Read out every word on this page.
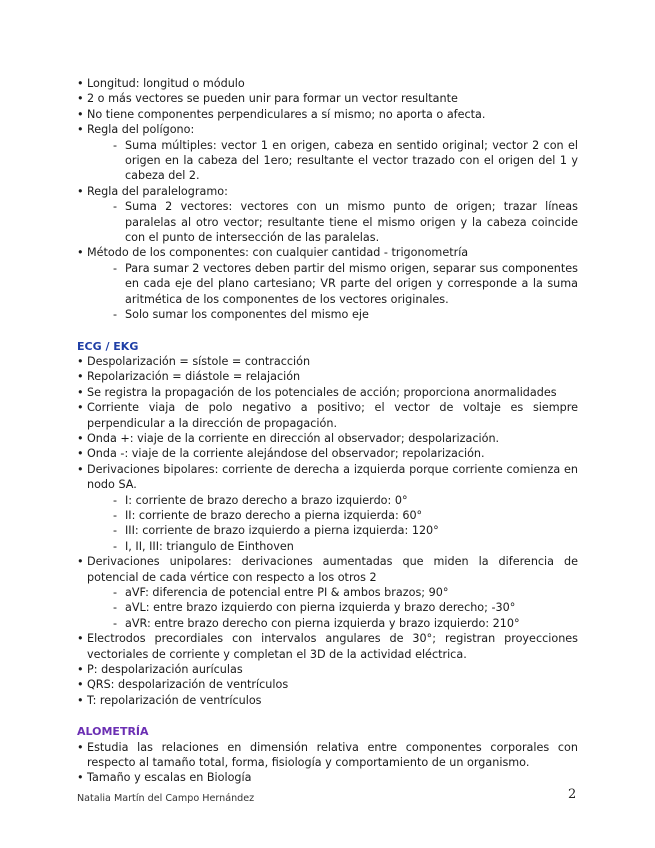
• Longitud: longitud o módulo
• 2 o más vectores se pueden unir para formar un vector resultante
• No tiene componentes perpendiculares a sí mismo; no aporta o afecta.
• Regla del polígono:
- Suma múltiples: vector 1 en origen, cabeza en sentido original; vector 2 con el origen en la cabeza del 1ero; resultante el vector trazado con el origen del 1 y cabeza del 2.
• Regla del paralelogramo:
- Suma 2 vectores: vectores con un mismo punto de origen; trazar líneas paralelas al otro vector; resultante tiene el mismo origen y la cabeza coincide con el punto de intersección de las paralelas.
• Método de los componentes: con cualquier cantidad - trigonometría
- Para sumar 2 vectores deben partir del mismo origen, separar sus componentes en cada eje del plano cartesiano; VR parte del origen y corresponde a la suma aritmética de los componentes de los vectores originales.
- Solo sumar los componentes del mismo eje
ECG / EKG
• Despolarización = sístole = contracción
• Repolarización = diástole = relajación
• Se registra la propagación de los potenciales de acción; proporciona anormalidades
• Corriente viaja de polo negativo a positivo; el vector de voltaje es siempre perpendicular a la dirección de propagación.
• Onda +: viaje de la corriente en dirección al observador; despolarización.
• Onda -: viaje de la corriente alejándose del observador; repolarización.
• Derivaciones bipolares: corriente de derecha a izquierda porque corriente comienza en nodo SA.
- I: corriente de brazo derecho a brazo izquierdo: 0°
- II: corriente de brazo derecho a pierna izquierda: 60°
- III: corriente de brazo izquierdo a pierna izquierda: 120°
- I, II, III: triangulo de Einthoven
• Derivaciones unipolares: derivaciones aumentadas que miden la diferencia de potencial de cada vértice con respecto a los otros 2
- aVF: diferencia de potencial entre PI & ambos brazos; 90°
- aVL: entre brazo izquierdo con pierna izquierda y brazo derecho; -30°
- aVR: entre brazo derecho con pierna izquierda y brazo izquierdo: 210°
• Electrodos precordiales con intervalos angulares de 30°; registran proyecciones vectoriales de corriente y completan el 3D de la actividad eléctrica.
• P: despolarización aurículas
• QRS: despolarización de ventrículos
• T: repolarización de ventrículos
ALOMETRÍA
• Estudia las relaciones en dimensión relativa entre componentes corporales con respecto al tamaño total, forma, fisiología y comportamiento de un organismo.
• Tamaño y escalas en Biología
Natalia Martín del Campo Hernández	2
